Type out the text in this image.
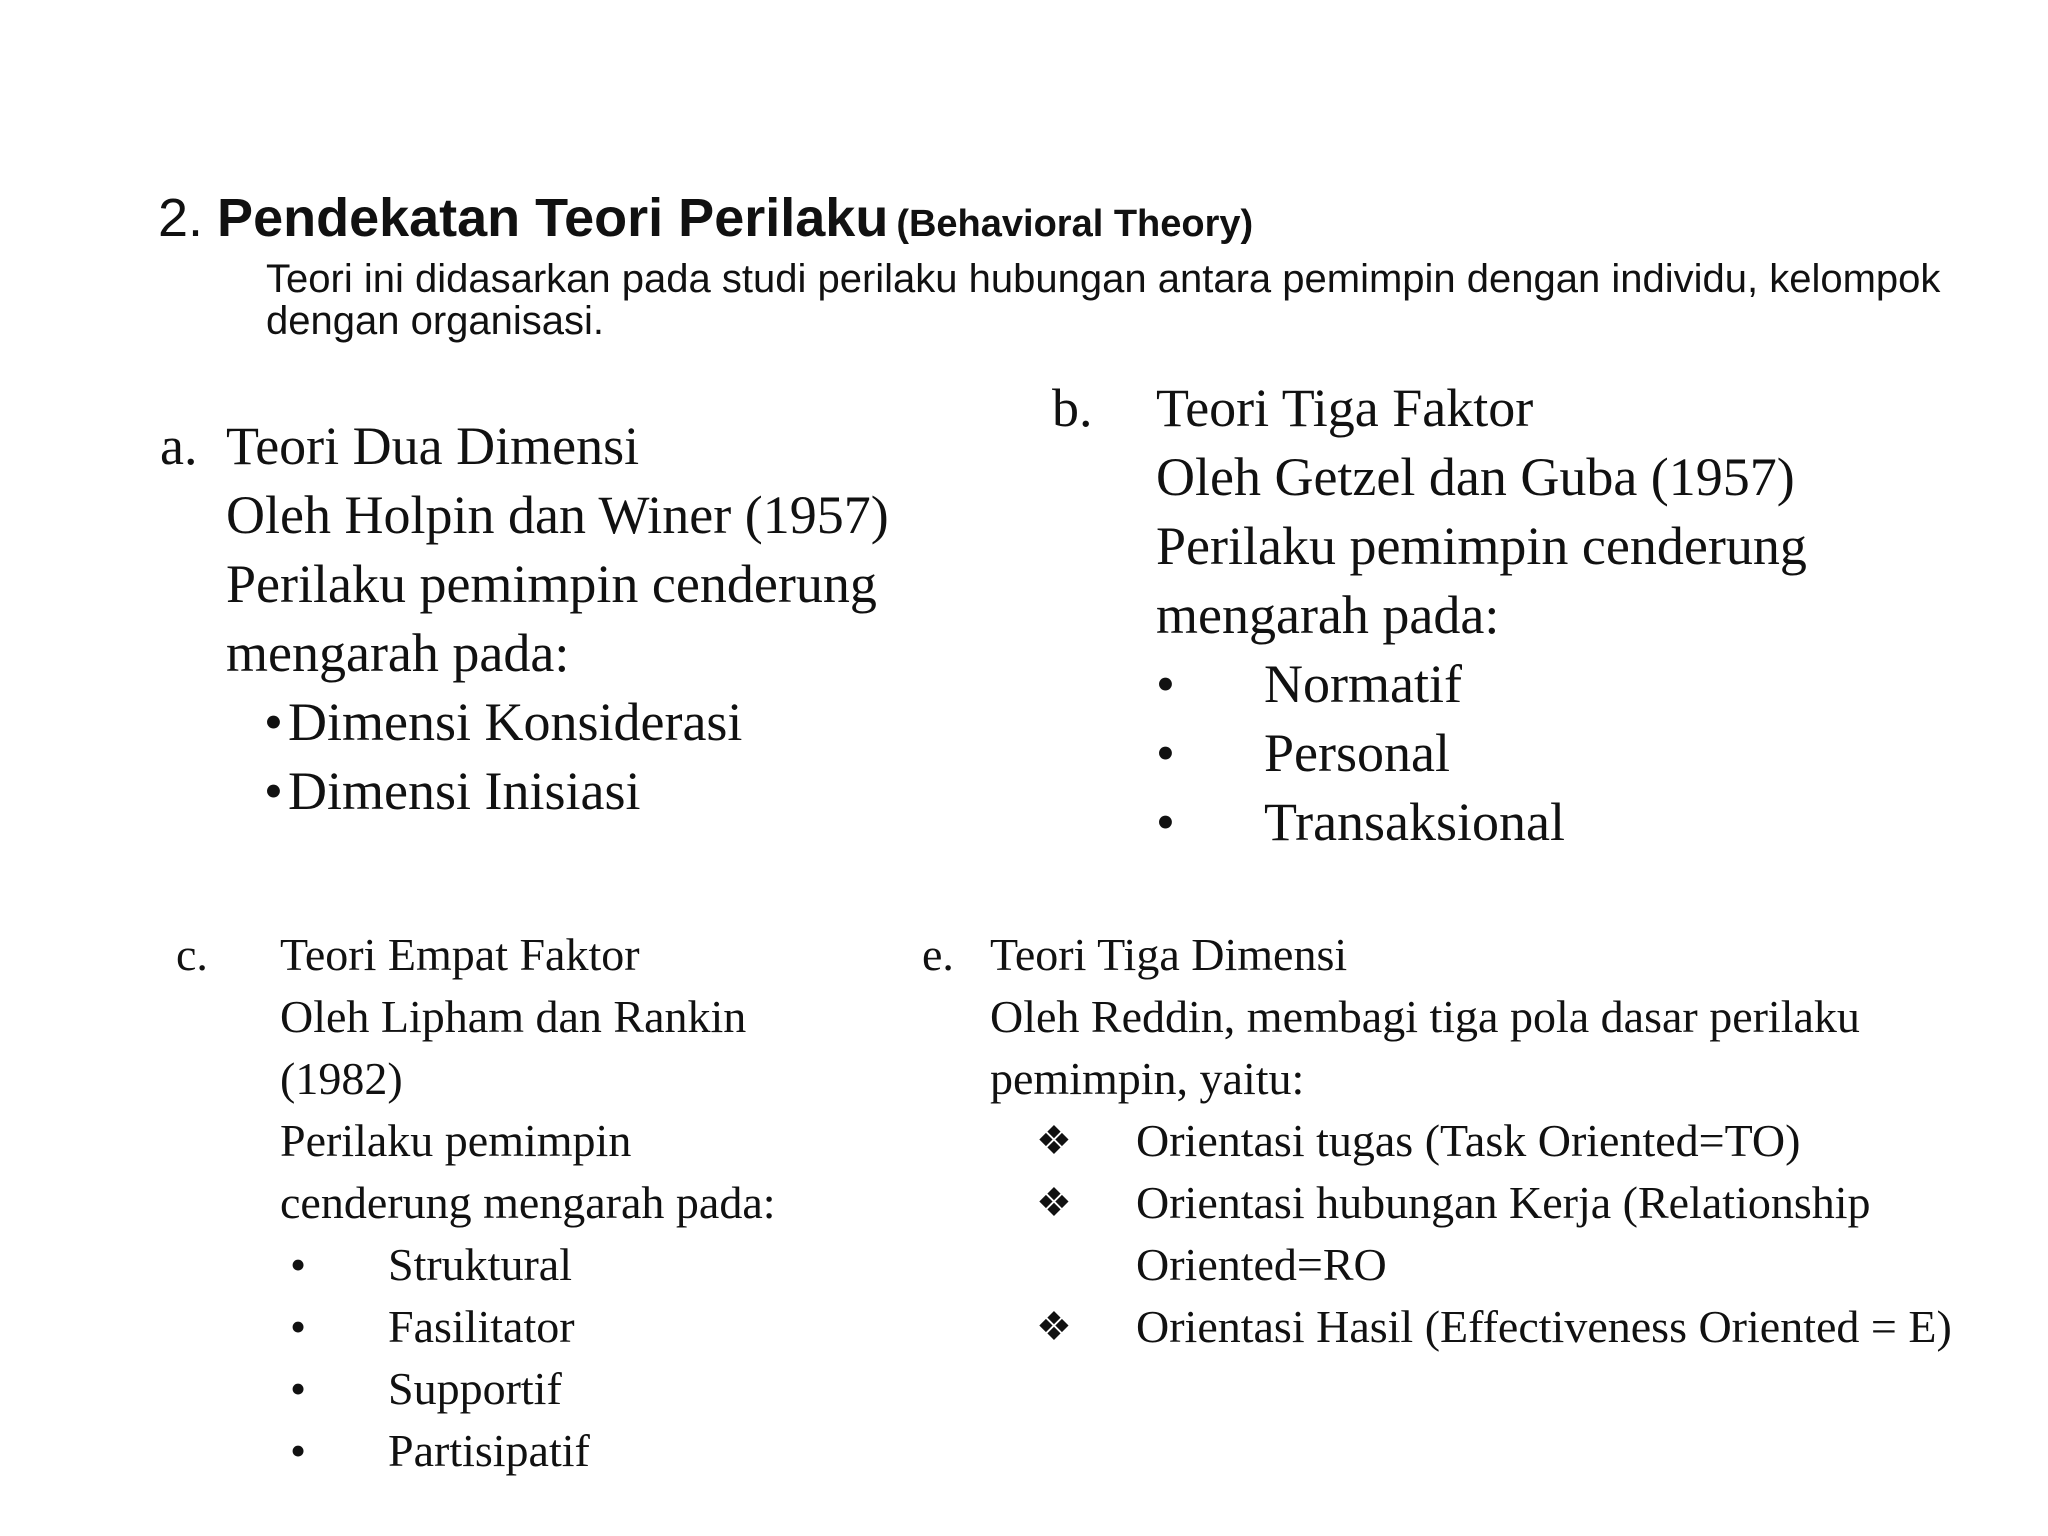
2. Pendekatan Teori Perilaku (Behavioral Theory)
Teori ini didasarkan pada studi perilaku hubungan antara pemimpin dengan individu, kelompok dengan organisasi.
a. Teori Dua Dimensi
Oleh Holpin dan Winer (1957)
Perilaku pemimpin cenderung
mengarah pada:
• Dimensi Konsiderasi
• Dimensi Inisiasi
b. Teori Tiga Faktor
Oleh Getzel dan Guba (1957)
Perilaku pemimpin cenderung
mengarah pada:
• Normatif
• Personal
• Transaksional
c. Teori Empat Faktor
Oleh Lipham dan Rankin
(1982)
Perilaku pemimpin
cenderung mengarah pada:
• Struktural
• Fasilitator
• Supportif
• Partisipatif
e. Teori Tiga Dimensi
Oleh Reddin, membagi tiga pola dasar perilaku
pemimpin, yaitu:
❖ Orientasi tugas (Task Oriented=TO)
❖ Orientasi hubungan Kerja (Relationship Oriented=RO
❖ Orientasi Hasil (Effectiveness Oriented = E)
